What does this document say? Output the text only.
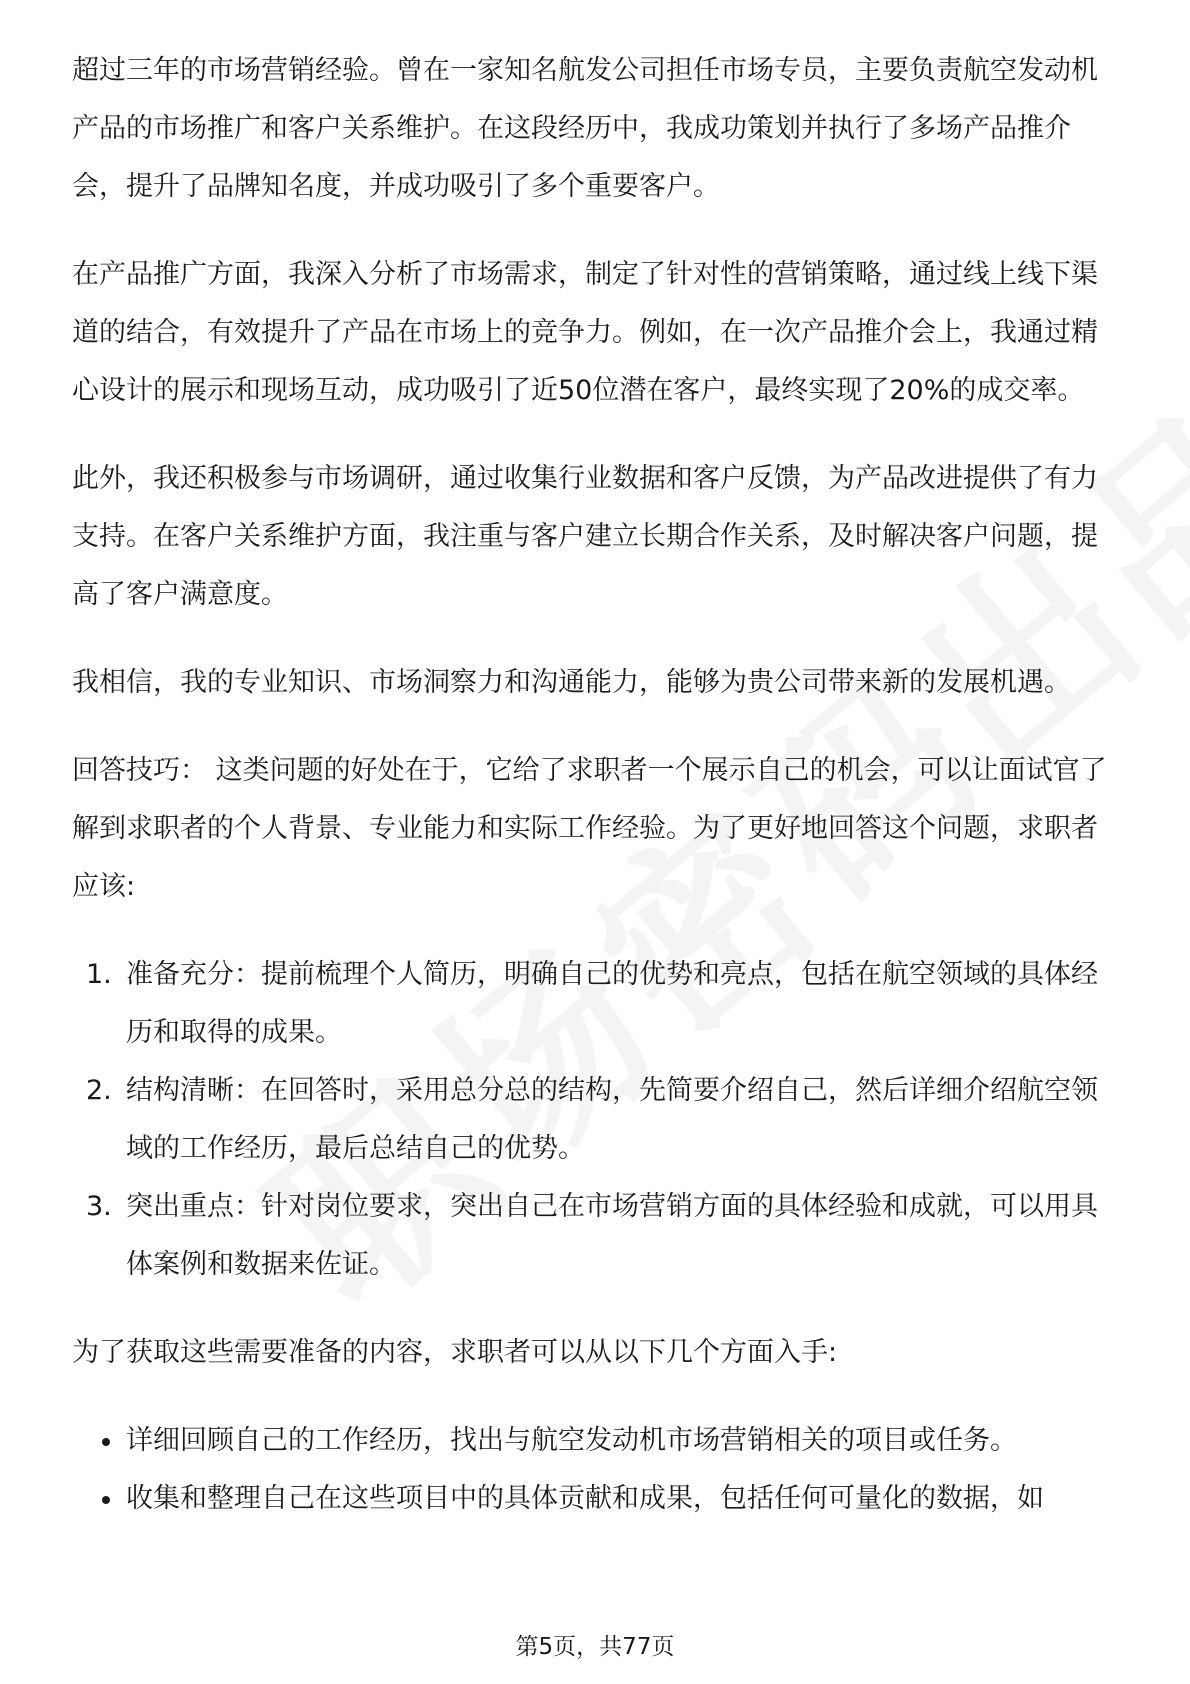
超过三年的市场营销经验。曾在一家知名航发公司担任市场专员，主要负责航空发动机产品的市场推广和客户关系维护。在这段经历中，我成功策划并执行了多场产品推介会，提升了品牌知名度，并成功吸引了多个重要客户。

在产品推广方面，我深入分析了市场需求，制定了针对性的营销策略，通过线上线下渠道的结合，有效提升了产品在市场上的竞争力。例如，在一次产品推介会上，我通过精心设计的展示和现场互动，成功吸引了近50位潜在客户，最终实现了20%的成交率。

此外，我还积极参与市场调研，通过收集行业数据和客户反馈，为产品改进提供了有力支持。在客户关系维护方面，我注重与客户建立长期合作关系，及时解决客户问题，提高了客户满意度。

我相信，我的专业知识、市场洞察力和沟通能力，能够为贵公司带来新的发展机遇。

回答技巧： 这类问题的好处在于，它给了求职者一个展示自己的机会，可以让面试官了解到求职者的个人背景、专业能力和实际工作经验。为了更好地回答这个问题，求职者应该:

1. 准备充分：提前梳理个人简历，明确自己的优势和亮点，包括在航空领域的具体经历和取得的成果。
2. 结构清晰：在回答时，采用总分总的结构，先简要介绍自己，然后详细介绍航空领域的工作经历，最后总结自己的优势。
3. 突出重点：针对岗位要求，突出自己在市场营销方面的具体经验和成就，可以用具体案例和数据来佐证。

为了获取这些需要准备的内容，求职者可以从以下几个方面入手:

详细回顾自己的工作经历，找出与航空发动机市场营销相关的项目或任务。
收集和整理自己在这些项目中的具体贡献和成果，包括任何可量化的数据，如
第5页，共77页
